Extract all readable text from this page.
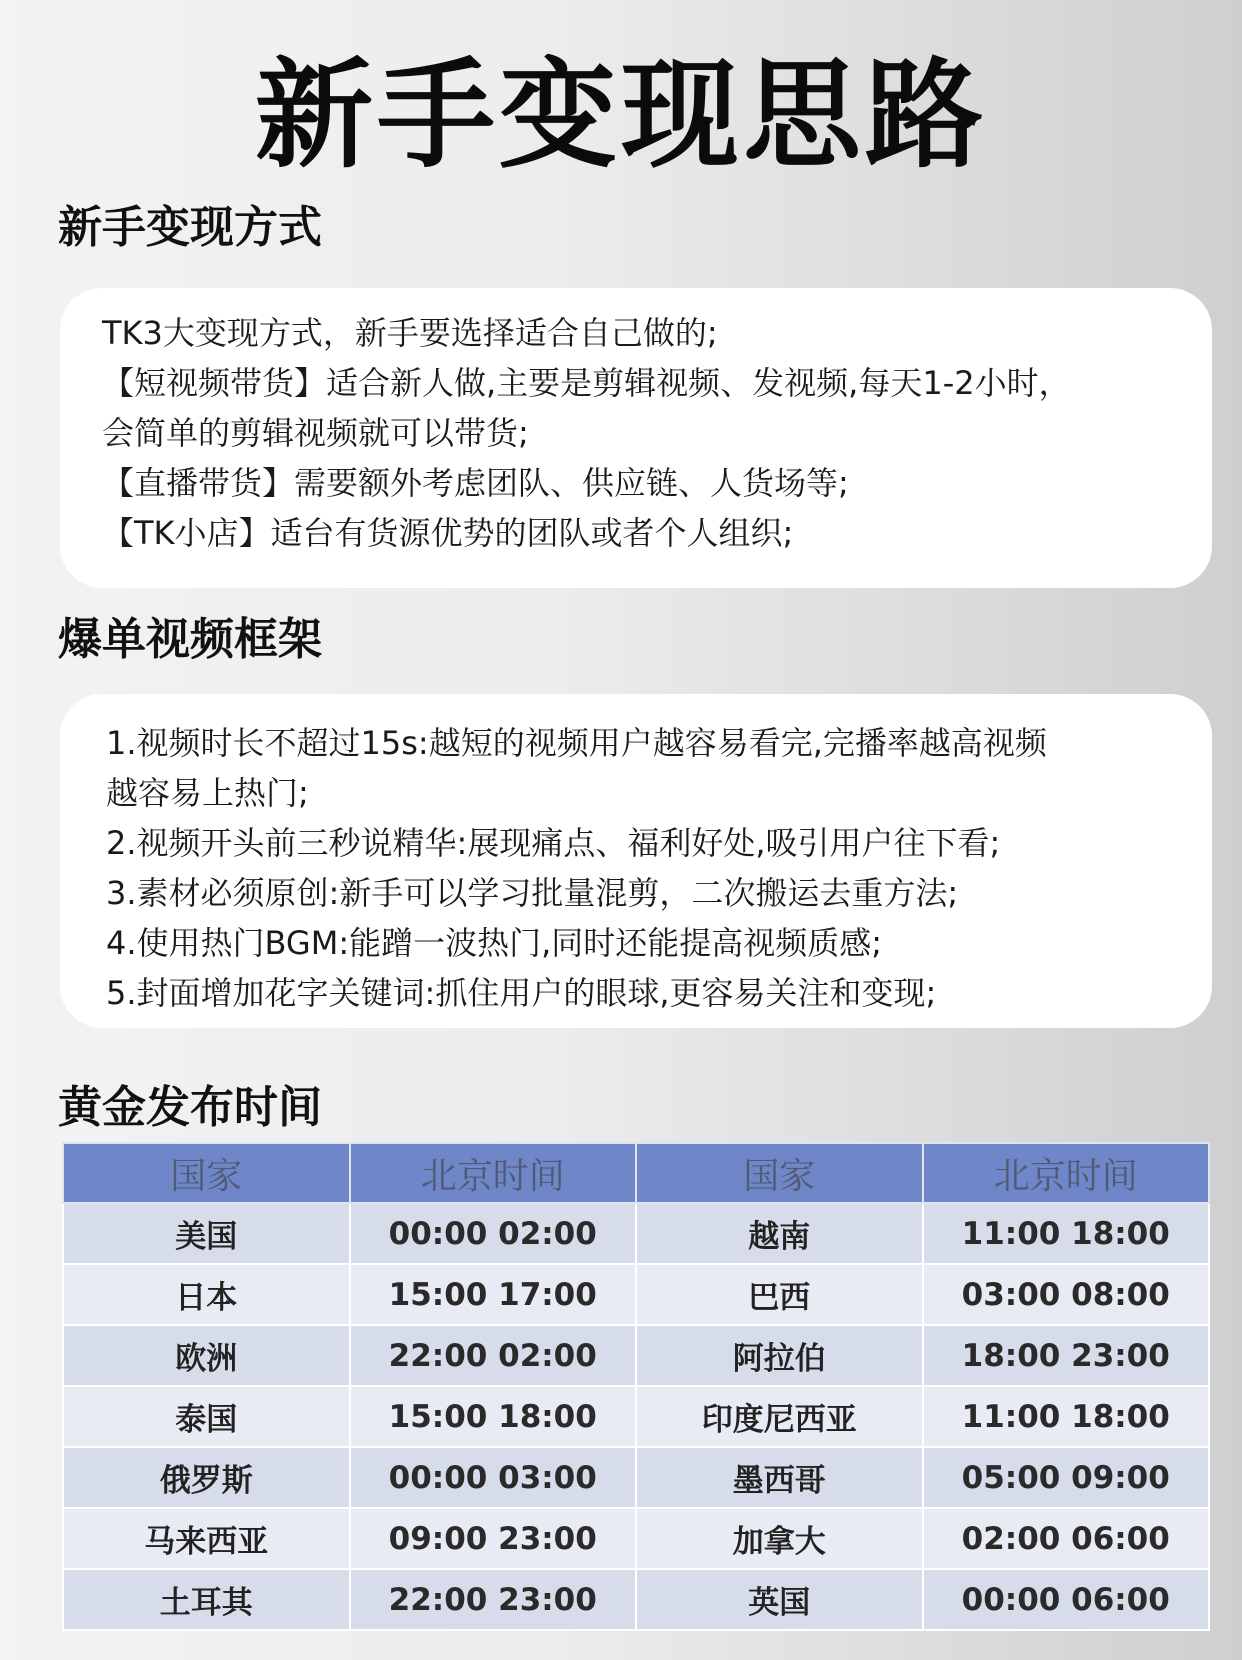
新手变现思路
新手变现方式
TK3大变现方式，新手要选择适合自己做的;
【短视频带货】适合新人做,主要是剪辑视频、发视频,每天1-2小时，
会简单的剪辑视频就可以带货;
【直播带货】需要额外考虑团队、供应链、人货场等;
【TK小店】适台有货源优势的团队或者个人组织;
爆单视频框架
1.视频时长不超过15s:越短的视频用户越容易看完,完播率越高视频
越容易上热门;
2.视频开头前三秒说精华:展现痛点、福利好处,吸引用户往下看;
3.素材必须原创:新手可以学习批量混剪，二次搬运去重方法;
4.使用热门BGM:能蹭一波热门,同时还能提高视频质感;
5.封面增加花字关键词:抓住用户的眼球,更容易关注和变现;
黄金发布时间
国家	北京时间	国家	北京时间
美国	00:00 02:00	越南	11:00 18:00
日本	15:00 17:00	巴西	03:00 08:00
欧洲	22:00 02:00	阿拉伯	18:00 23:00
泰国	15:00 18:00	印度尼西亚	11:00 18:00
俄罗斯	00:00 03:00	墨西哥	05:00 09:00
马来西亚	09:00 23:00	加拿大	02:00 06:00
土耳其	22:00 23:00	英国	00:00 06:00
